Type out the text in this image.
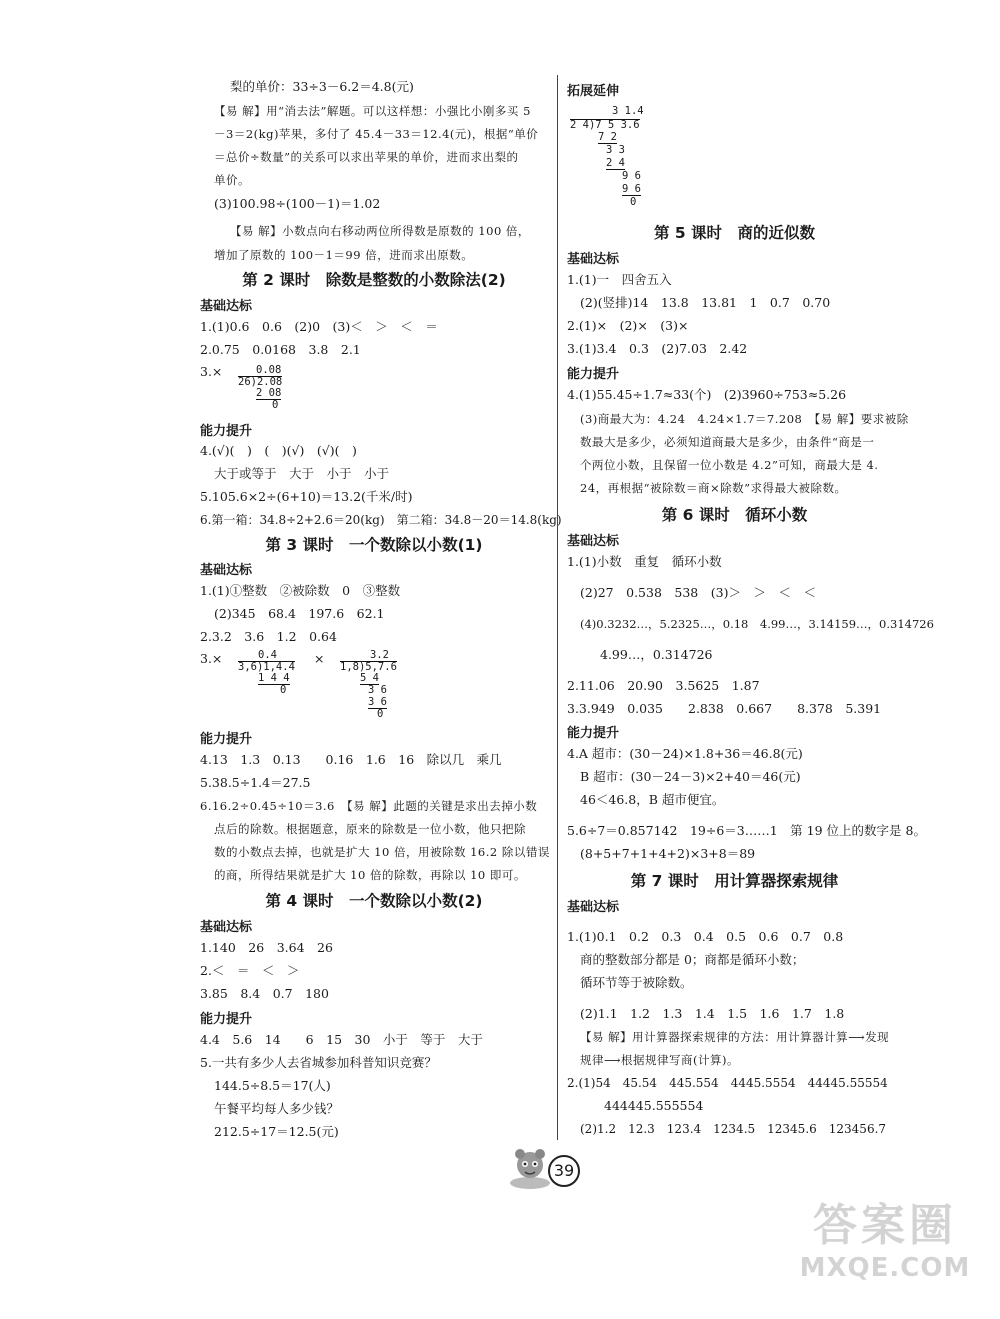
梨的单价：33÷3－6.2＝4.8(元)
【易 解】用“消去法”解题。可以这样想：小强比小刚多买 5
－3＝2(kg)苹果，多付了 45.4－33＝12.4(元)，根据“单价
＝总价÷数量”的关系可以求出苹果的单价，进而求出梨的
单价。
(3)100.98÷(100－1)＝1.02
【易 解】小数点向右移动两位所得数是原数的 100 倍，
增加了原数的 100－1＝99 倍，进而求出原数。
第 2 课时　除数是整数的小数除法(2)
基础达标
1.(1)0.6　0.6　(2)0　(3)＜　＞　＜　＝
2.0.75　0.0168　3.8　2.1
3.×	0.08
26)2.08
2 08
0
能力提升
4.(√)(　)　(　)(√)　(√)(　)
大于或等于　大于　小于　小于
5.105.6×2÷(6+10)＝13.2(千米/时)
6.第一箱：34.8÷2+2.6＝20(kg)　第二箱：34.8－20＝14.8(kg)
第 3 课时　一个数除以小数(1)
基础达标
1.(1)①整数　②被除数　0　③整数
(2)345　68.4　197.6　62.1
2.3.2　3.6　1.2　0.64
3.×	×
0.4
3,6)1,4.4
1 4 4
0
3.2
1,8)5,7.6
5 4
3 6
3 6
0
能力提升
4.13　1.3　0.13　　0.16　1.6　16　除以几　乘几
5.38.5÷1.4＝27.5
6.16.2÷0.45÷10＝3.6　【易 解】此题的关键是求出去掉小数
点后的除数。根据题意，原来的除数是一位小数，他只把除
数的小数点去掉，也就是扩大 10 倍，用被除数 16.2 除以错误
的商，所得结果就是扩大 10 倍的除数，再除以 10 即可。
第 4 课时　一个数除以小数(2)
基础达标
1.140　26　3.64　26
2.＜　＝　＜　＞
3.85　8.4　0.7　180
能力提升
4.4　5.6　14　　6　15　30　小于　等于　大于
5.一共有多少人去省城参加科普知识竞赛？
144.5÷8.5＝17(人)
午餐平均每人多少钱？
212.5÷17＝12.5(元)
拓展延伸
3 1.4
2 4)7 5 3.6
7 2
3 3
2 4
9 6
9 6
0
第 5 课时　商的近似数
基础达标
1.(1)一　四舍五入
(2)(竖排)14　13.8　13.81　1　0.7　0.70
2.(1)×　(2)×　(3)×
3.(1)3.4　0.3　(2)7.03　2.42
能力提升
4.(1)55.45÷1.7≈33(个)　(2)3960÷753≈5.26
(3)商最大为：4.24　4.24×1.7＝7.208　【易 解】要求被除
数最大是多少，必须知道商最大是多少，由条件“商是一
个两位小数，且保留一位小数是 4.2”可知，商最大是 4.
24，再根据“被除数＝商×除数”求得最大被除数。
第 6 课时　循环小数
基础达标
1.(1)小数　重复　循环小数
(2)27　0.538　538　(3)＞　＞　＜　＜
(4)0.3232…，5.2325…，0.18　4.99…，3.14159…，0.314726
4.99…，0.314726
2.11.06　20.90　3.5625　1.87
3.3.949　0.035　　2.838　0.667　　8.378　5.391
能力提升
4.A 超市：(30－24)×1.8+36＝46.8(元)
B 超市：(30－24－3)×2+40＝46(元)
46＜46.8，B 超市便宜。
5.6÷7＝0.857142　19÷6＝3……1　第 19 位上的数字是 8。
(8+5+7+1+4+2)×3+8＝89
第 7 课时　用计算器探索规律
基础达标
1.(1)0.1　0.2　0.3　0.4　0.5　0.6　0.7　0.8
商的整数部分都是 0；商都是循环小数；
循环节等于被除数。
(2)1.1　1.2　1.3　1.4　1.5　1.6　1.7　1.8
【易 解】用计算器探索规律的方法：用计算器计算⟶发现
规律⟶根据规律写商(计算)。
2.(1)54　45.54　445.554　4445.5554　44445.55554
444445.555554
(2)1.2　12.3　123.4　1234.5　12345.6　123456.7
39
答案圈
MXQE.COM
